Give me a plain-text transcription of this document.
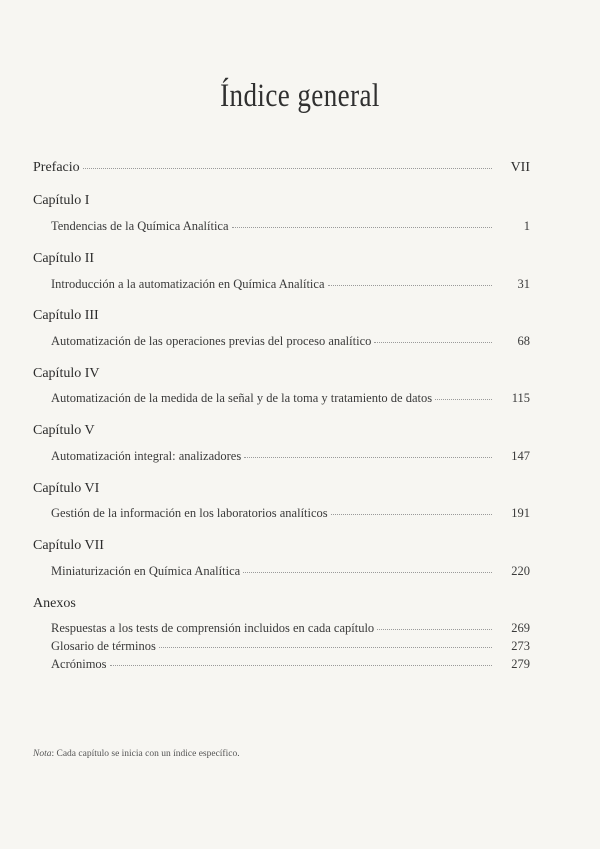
Índice general
Prefacio	VII
Capítulo I
Tendencias de la Química Analítica	1
Capítulo II
Introducción a la automatización en Química Analítica	31
Capítulo III
Automatización de las operaciones previas del proceso analítico	68
Capítulo IV
Automatización de la medida de la señal y de la toma y tratamiento de datos	115
Capítulo V
Automatización integral: analizadores	147
Capítulo VI
Gestión de la información en los laboratorios analíticos	191
Capítulo VII
Miniaturización en Química Analítica	220
Anexos
Respuestas a los tests de comprensión incluidos en cada capítulo	269
Glosario de términos	273
Acrónimos	279
Nota: Cada capítulo se inicia con un índice específico.
